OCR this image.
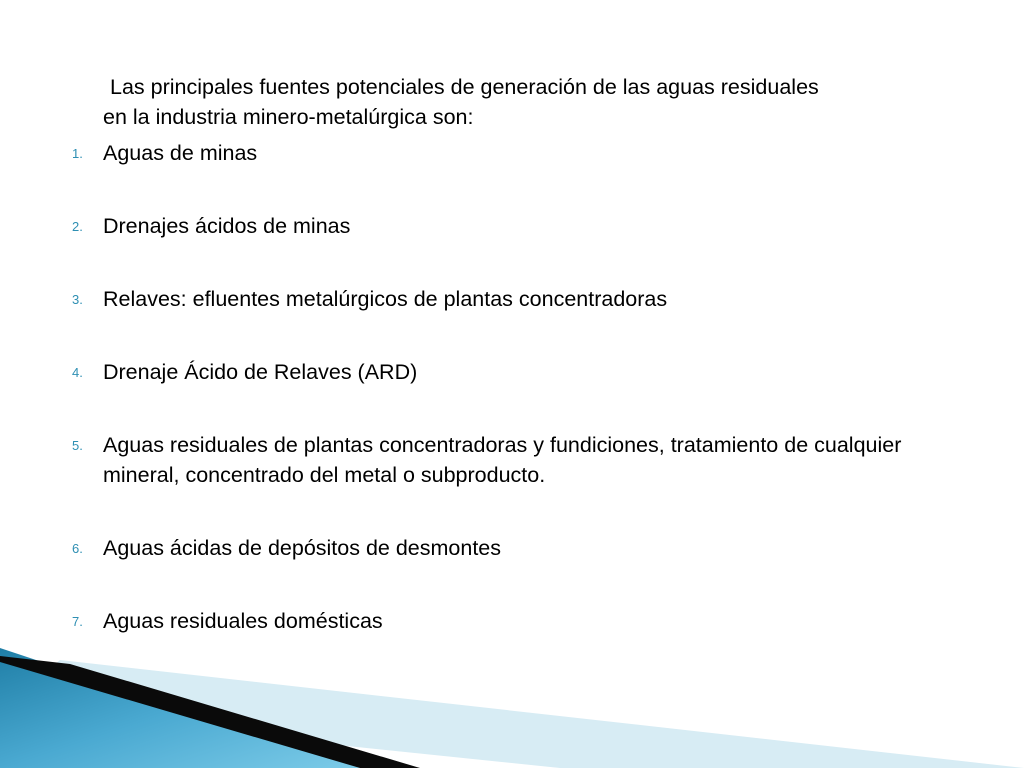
Las principales fuentes potenciales de generación de las aguas residuales
en la industria minero-metalúrgica son:

1. Aguas de minas
2. Drenajes ácidos de minas
3. Relaves: efluentes metalúrgicos de plantas concentradoras
4. Drenaje Ácido de Relaves (ARD)
5. Aguas residuales de plantas concentradoras y fundiciones, tratamiento de cualquier mineral, concentrado del metal o subproducto.
6. Aguas ácidas de depósitos de desmontes
7. Aguas residuales domésticas
